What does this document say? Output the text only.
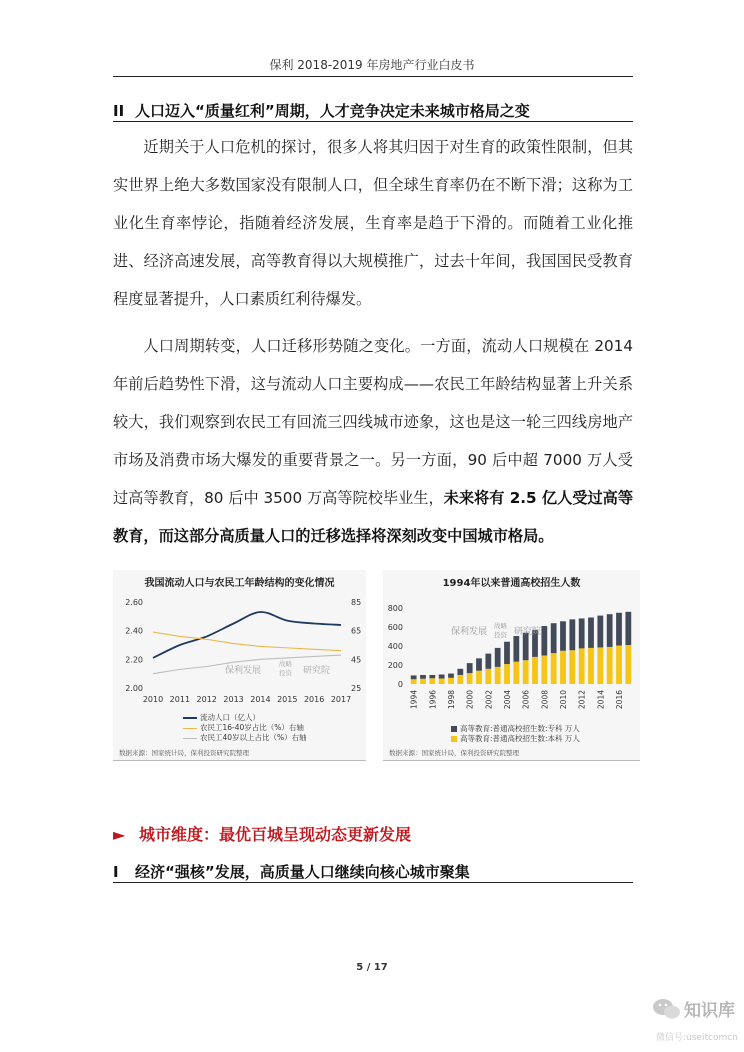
保利 2018-2019 年房地产行业白皮书
II 人口迈入“质量红利”周期，人才竞争决定未来城市格局之变

近期关于人口危机的探讨，很多人将其归因于对生育的政策性限制，但其实世界上绝大多数国家没有限制人口，但全球生育率仍在不断下滑；这称为工业化生育率悖论，指随着经济发展，生育率是趋于下滑的。而随着工业化推进、经济高速发展，高等教育得以大规模推广，过去十年间，我国国民受教育程度显著提升，人口素质红利待爆发。

人口周期转变，人口迁移形势随之变化。一方面，流动人口规模在 2014 年前后趋势性下滑，这与流动人口主要构成——农民工年龄结构显著上升关系较大，我们观察到农民工有回流三四线城市迹象，这也是这一轮三四线房地产市场及消费市场大爆发的重要背景之一。另一方面，90 后中超 7000 万人受过高等教育，80 后中 3500 万高等院校毕业生，未来将有 2.5 亿人受过高等教育，而这部分高质量人口的迁移选择将深刻改变中国城市格局。

我国流动人口与农民工年龄结构的变化情况
保利发展
战略
投资 研究院
2.60
2.40
2.20
2.00
85
65
45
25
2010 2011 2012 2013 2014 2015 2016 2017
流动人口（亿人）
农民工16-40岁占比（%）右轴
农民工40岁以上占比（%）右轴
数据来源：国家统计局，保利投资研究院整理
1994年以来普通高校招生人数
保利发展
战略
投资 研究院
800
600
400
200
0
1994 1996 1998 2000 2002 2004 2006 2008 2010 2012 2014 2016
高等教育:普通高校招生数:专科 万人
高等教育:普通高校招生数:本科 万人
数据来源：国家统计局，保利投资研究院整理
► 城市维度：最优百城呈现动态更新发展
I 经济“强核”发展，高质量人口继续向核心城市聚集
5 / 17
知识库
微信号:useitcomcn
